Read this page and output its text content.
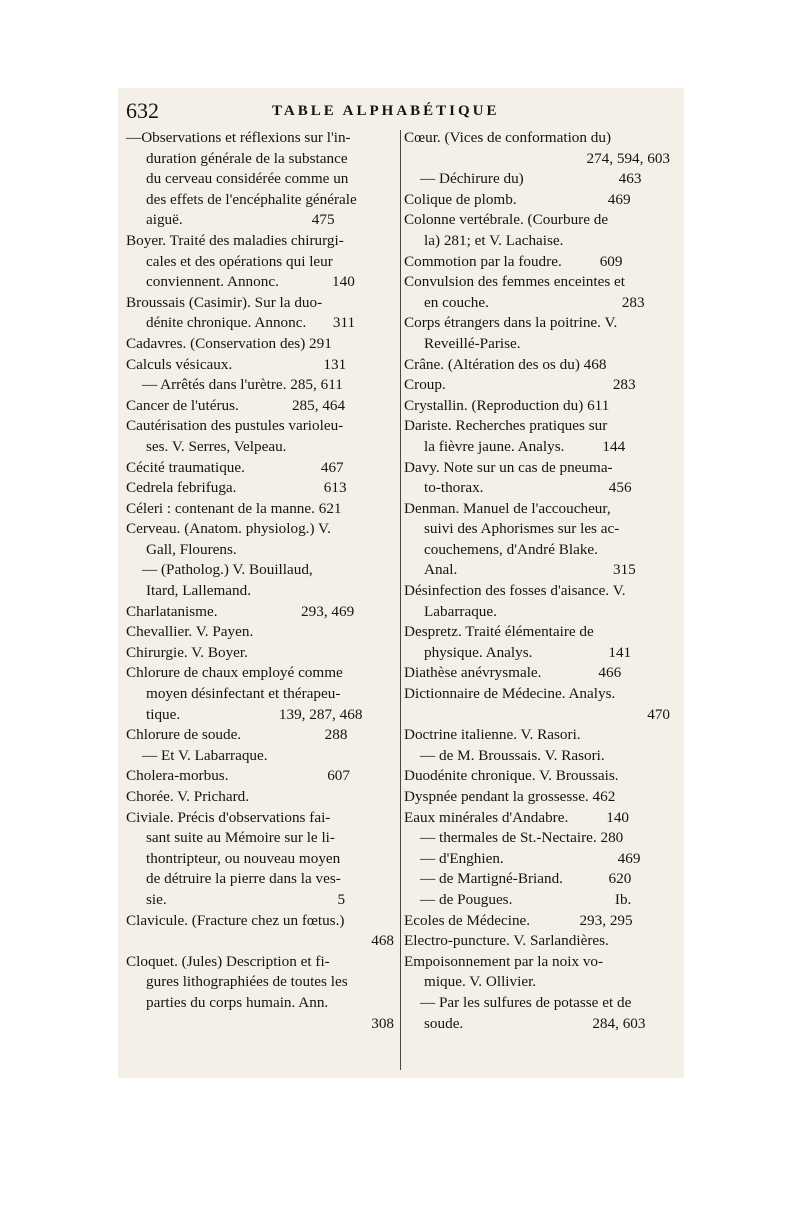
632	TABLE ALPHABÉTIQUE
—Observations et réflexions sur l'in-
duration générale de la substance
du cerveau considérée comme un
des effets de l'encéphalite générale
aiguë.                                  475
Boyer. Traité des maladies chirurgi-
cales et des opérations qui leur
conviennent. Annonc.              140
Broussais (Casimir). Sur la duo-
dénite chronique. Annonc.       311
Cadavres. (Conservation des) 291
Calculs vésicaux.                        131
— Arrêtés dans l'urètre. 285, 611
Cancer de l'utérus.              285, 464
Cautérisation des pustules varioleu-
ses. V. Serres, Velpeau.
Cécité traumatique.                    467
Cedrela febrifuga.                       613
Céleri : contenant de la manne. 621
Cerveau. (Anatom. physiolog.) V.
Gall, Flourens.
— (Patholog.) V. Bouillaud,
Itard, Lallemand.
Charlatanisme.                      293, 469
Chevallier. V. Payen.
Chirurgie. V. Boyer.
Chlorure de chaux employé comme
moyen désinfectant et thérapeu-
tique.                          139, 287, 468
Chlorure de soude.                      288
— Et V. Labarraque.
Cholera-morbus.                          607
Chorée. V. Prichard.
Civiale. Précis d'observations fai-
sant suite au Mémoire sur le li-
thontripteur, ou nouveau moyen
de détruire la pierre dans la ves-
sie.                                             5
Clavicule. (Fracture chez un fœtus.)
468
Cloquet. (Jules) Description et fi-
gures lithographiées de toutes les
parties du corps humain. Ann.
308
Cœur. (Vices de conformation du)
274, 594, 603
— Déchirure du)                         463
Colique de plomb.                        469
Colonne vertébrale. (Courbure de
la) 281; et V. Lachaise.
Commotion par la foudre.          609
Convulsion des femmes enceintes et
en couche.                                   283
Corps étrangers dans la poitrine. V.
Reveillé-Parise.
Crâne. (Altération des os du) 468
Croup.                                            283
Crystallin. (Reproduction du) 611
Dariste. Recherches pratiques sur
la fièvre jaune. Analys.          144
Davy. Note sur un cas de pneuma-
to-thorax.                                 456
Denman. Manuel de l'accoucheur,
suivi des Aphorismes sur les ac-
couchemens, d'André Blake.
Anal.                                         315
Désinfection des fosses d'aisance. V.
Labarraque.
Despretz. Traité élémentaire de
physique. Analys.                    141
Diathèse anévrysmale.               466
Dictionnaire de Médecine. Analys.
470
Doctrine italienne. V. Rasori.
— de M. Broussais. V. Rasori.
Duodénite chronique. V. Broussais.
Dyspnée pendant la grossesse. 462
Eaux minérales d'Andabre.          140
— thermales de St.-Nectaire. 280
— d'Enghien.                              469
— de Martigné-Briand.            620
— de Pougues.                           Ib.
Ecoles de Médecine.             293, 295
Electro-puncture. V. Sarlandières.
Empoisonnement par la noix vo-
mique. V. Ollivier.
— Par les sulfures de potasse et de
soude.                                  284, 603
